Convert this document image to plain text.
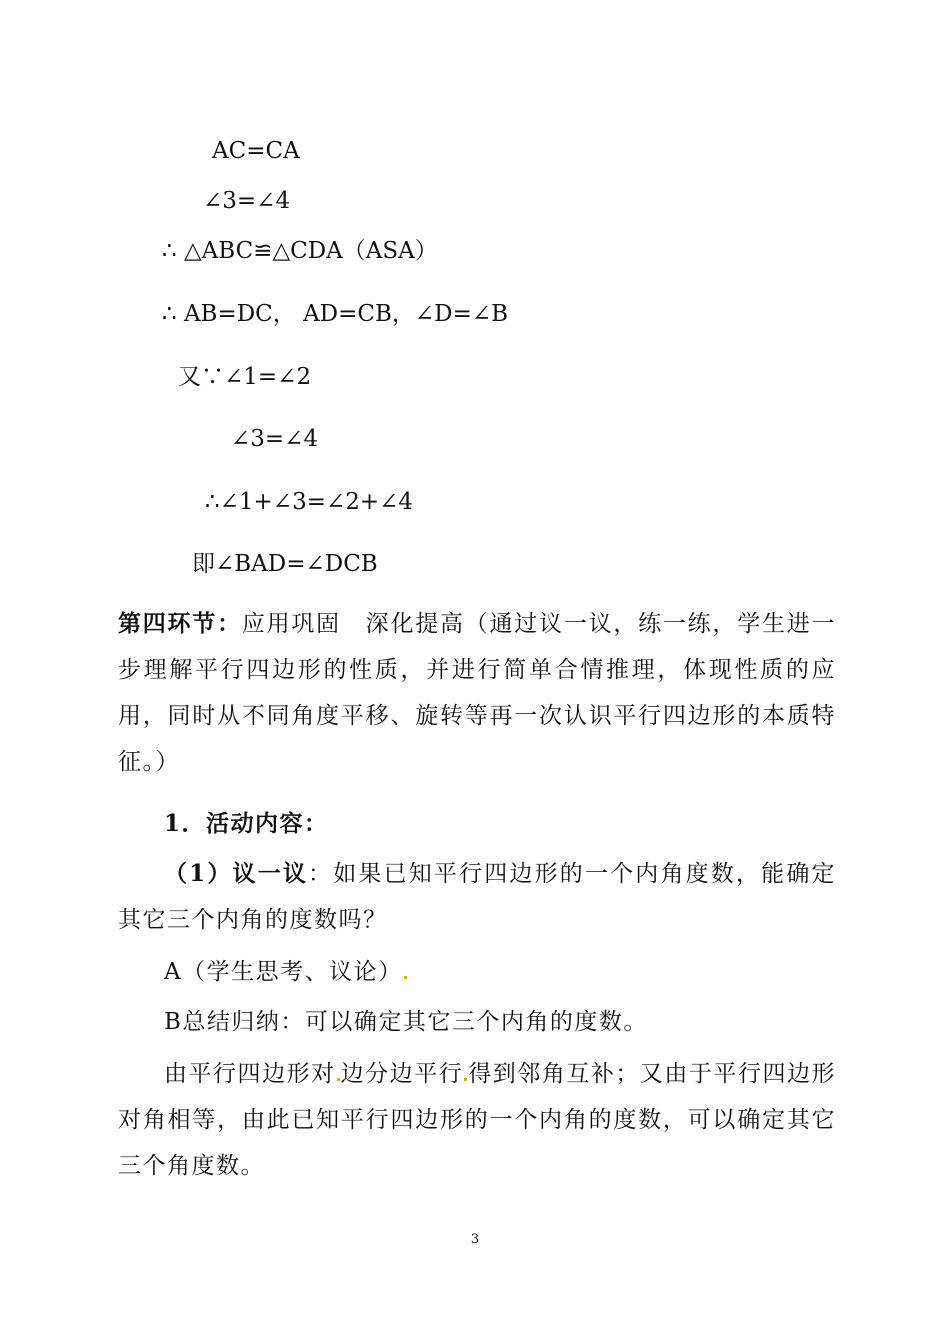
AC=CA
∠3=∠4
∴ △ABC≌△CDA（ASA）
∴ AB=DC， AD=CB，∠D=∠B
又∵∠1=∠2
∠3=∠4
∴∠1+∠3=∠2+∠4
即∠BAD=∠DCB
第四环节：应用巩固　深化提高（通过议一议，练一练，学生进一步理解平行四边形的性质，并进行简单合情推理，体现性质的应用，同时从不同角度平移、旋转等再一次认识平行四边形的本质特征。）
1．活动内容：
（1）议一议：如果已知平行四边形的一个内角度数，能确定其它三个内角的度数吗？
A（学生思考、议论）
B总结归纳：可以确定其它三个内角的度数。
由平行四边形对 边分边平行 得到邻角互补；又由于平行四边形对角相等，由此已知平行四边形的一个内角的度数，可以确定其它三个角度数。
3
